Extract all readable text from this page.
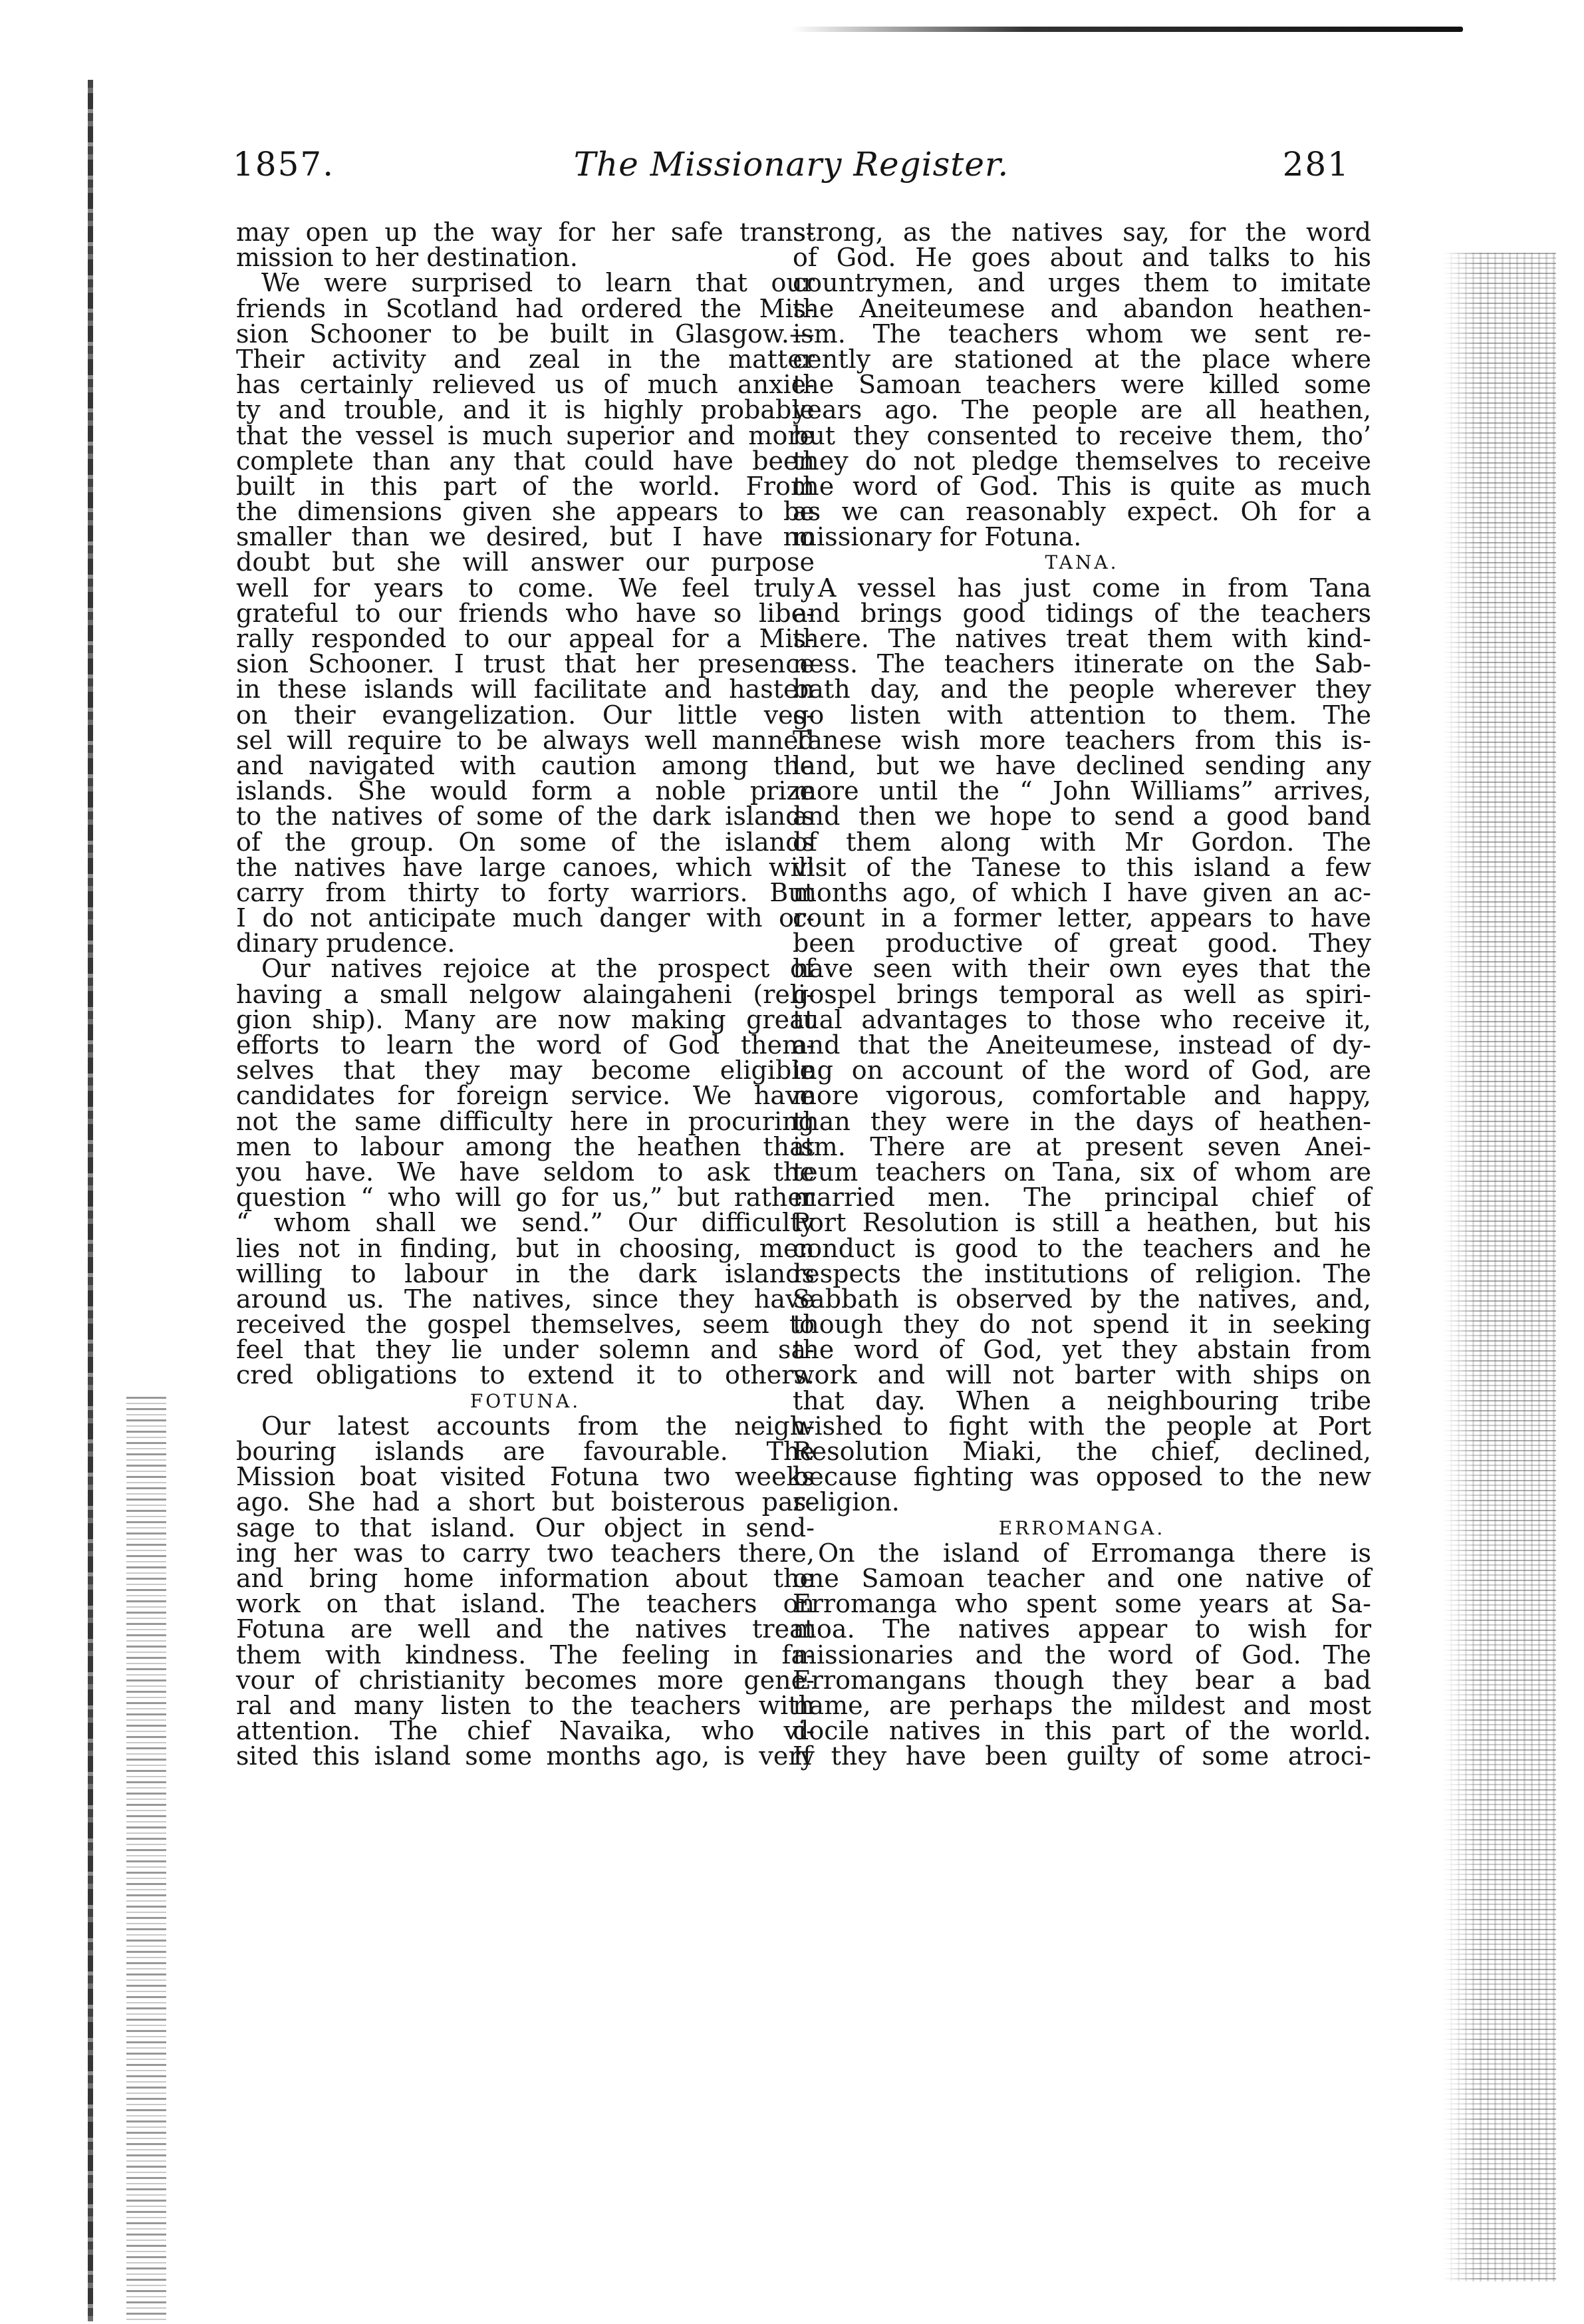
1857.	The Missionary Register.	281
may open up the way for her safe trans-
mission to her destination.
We were surprised to learn that our
friends in Scotland had ordered the Mis-
sion Schooner to be built in Glasgow.—
Their activity and zeal in the matter
has certainly relieved us of much anxie-
ty and trouble, and it is highly probable
that the vessel is much superior and more
complete than any that could have been
built in this part of the world. From
the dimensions given she appears to be
smaller than we desired, but I have no
doubt but she will answer our purpose
well for years to come. We feel truly
grateful to our friends who have so libe-
rally responded to our appeal for a Mis-
sion Schooner. I trust that her presence
in these islands will facilitate and hasten
on their evangelization. Our little ves-
sel will require to be always well manned
and navigated with caution among the
islands. She would form a noble prize
to the natives of some of the dark islands
of the group. On some of the islands
the natives have large canoes, which will
carry from thirty to forty warriors. But
I do not anticipate much danger with or-
dinary prudence.
Our natives rejoice at the prospect of
having a small nelgow alaingaheni (reli-
gion ship). Many are now making great
efforts to learn the word of God them-
selves that they may become eligible
candidates for foreign service. We have
not the same difficulty here in procuring
men to labour among the heathen that
you have. We have seldom to ask the
question “ who will go for us,” but rather
“ whom shall we send.” Our difficulty
lies not in finding, but in choosing, men
willing to labour in the dark islands
around us. The natives, since they have
received the gospel themselves, seem to
feel that they lie under solemn and sa-
cred obligations to extend it to others.
FOTUNA.
Our latest accounts from the neigh-
bouring islands are favourable. The
Mission boat visited Fotuna two weeks
ago. She had a short but boisterous pas-
sage to that island. Our object in send-
ing her was to carry two teachers there,
and bring home information about the
work on that island. The teachers on
Fotuna are well and the natives treat
them with kindness. The feeling in fa-
vour of christianity becomes more gene-
ral and many listen to the teachers with
attention. The chief Navaika, who vi-
sited this island some months ago, is very
strong, as the natives say, for the word
of God. He goes about and talks to his
countrymen, and urges them to imitate
the Aneiteumese and abandon heathen-
ism. The teachers whom we sent re-
cently are stationed at the place where
the Samoan teachers were killed some
years ago. The people are all heathen,
but they consented to receive them, tho’
they do not pledge themselves to receive
the word of God. This is quite as much
as we can reasonably expect. Oh for a
missionary for Fotuna.
TANA.
A vessel has just come in from Tana
and brings good tidings of the teachers
there. The natives treat them with kind-
ness. The teachers itinerate on the Sab-
bath day, and the people wherever they
go listen with attention to them. The
Tanese wish more teachers from this is-
land, but we have declined sending any
more until the “ John Williams” arrives,
and then we hope to send a good band
of them along with Mr Gordon. The
visit of the Tanese to this island a few
months ago, of which I have given an ac-
count in a former letter, appears to have
been productive of great good. They
have seen with their own eyes that the
gospel brings temporal as well as spiri-
tual advantages to those who receive it,
and that the Aneiteumese, instead of dy-
ing on account of the word of God, are
more vigorous, comfortable and happy,
than they were in the days of heathen-
ism. There are at present seven Anei-
teum teachers on Tana, six of whom are
married men. The principal chief of
Port Resolution is still a heathen, but his
conduct is good to the teachers and he
respects the institutions of religion. The
Sabbath is observed by the natives, and,
though they do not spend it in seeking
the word of God, yet they abstain from
work and will not barter with ships on
that day. When a neighbouring tribe
wished to fight with the people at Port
Resolution Miaki, the chief, declined,
because fighting was opposed to the new
religion.
ERROMANGA.
On the island of Erromanga there is
one Samoan teacher and one native of
Erromanga who spent some years at Sa-
moa. The natives appear to wish for
missionaries and the word of God. The
Erromangans though they bear a bad
name, are perhaps the mildest and most
docile natives in this part of the world.
If they have been guilty of some atroci-
